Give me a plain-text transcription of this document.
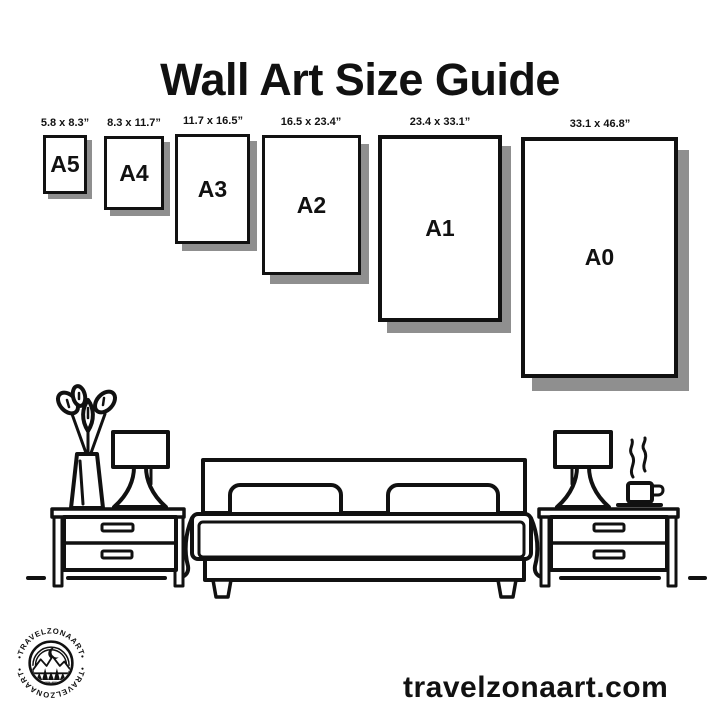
Wall Art Size Guide
5.8 x 8.3” 8.3 x 11.7” 11.7 x 16.5”	16.5 x 23.4”	23.4 x 33.1”	33.1 x 46.8”
A5 A4
A3
A2
A1
A0
•TRAVELZONAART•
•TRAVELZONAART•
travelzonaart.com
